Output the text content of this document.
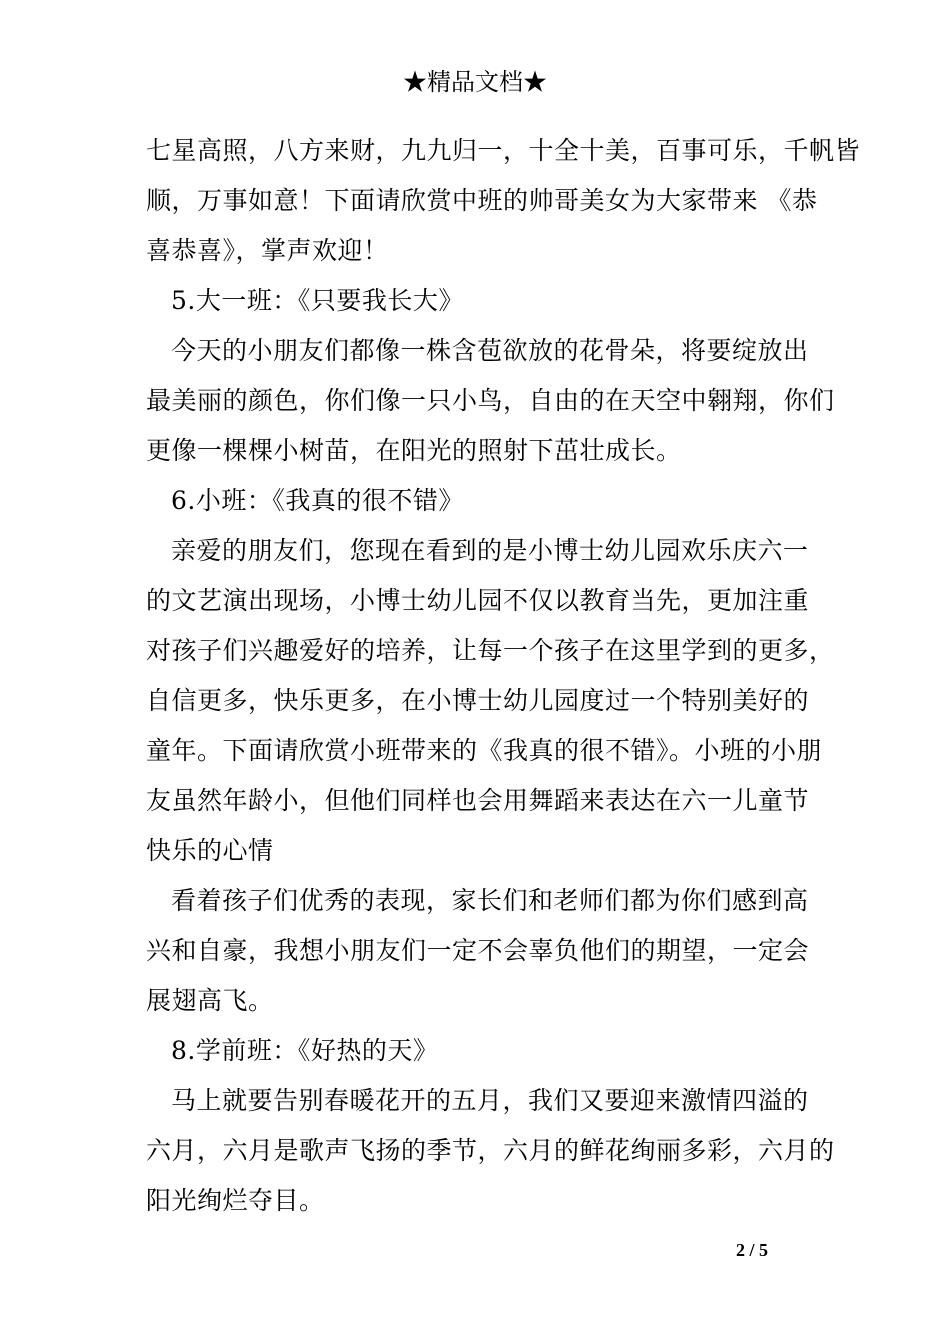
★精品文档★
七星高照，八方来财，九九归一，十全十美，百事可乐，千帆皆
顺，万事如意！下面请欣赏中班的帅哥美女为大家带来 《恭
喜恭喜》，掌声欢迎！
5.大一班：《只要我长大》
今天的小朋友们都像一株含苞欲放的花骨朵，将要绽放出
最美丽的颜色，你们像一只小鸟，自由的在天空中翱翔，你们
更像一棵棵小树苗，在阳光的照射下茁壮成长。
6.小班：《我真的很不错》
亲爱的朋友们，您现在看到的是小博士幼儿园欢乐庆六一
的文艺演出现场，小博士幼儿园不仅以教育当先，更加注重
对孩子们兴趣爱好的培养，让每一个孩子在这里学到的更多，
自信更多，快乐更多，在小博士幼儿园度过一个特别美好的
童年。下面请欣赏小班带来的《我真的很不错》。小班的小朋
友虽然年龄小，但他们同样也会用舞蹈来表达在六一儿童节
快乐的心情
看着孩子们优秀的表现，家长们和老师们都为你们感到高
兴和自豪，我想小朋友们一定不会辜负他们的期望，一定会
展翅高飞。
8.学前班：《好热的天》
马上就要告别春暖花开的五月，我们又要迎来激情四溢的
六月，六月是歌声飞扬的季节，六月的鲜花绚丽多彩，六月的
阳光绚烂夺目。
2 / 5
